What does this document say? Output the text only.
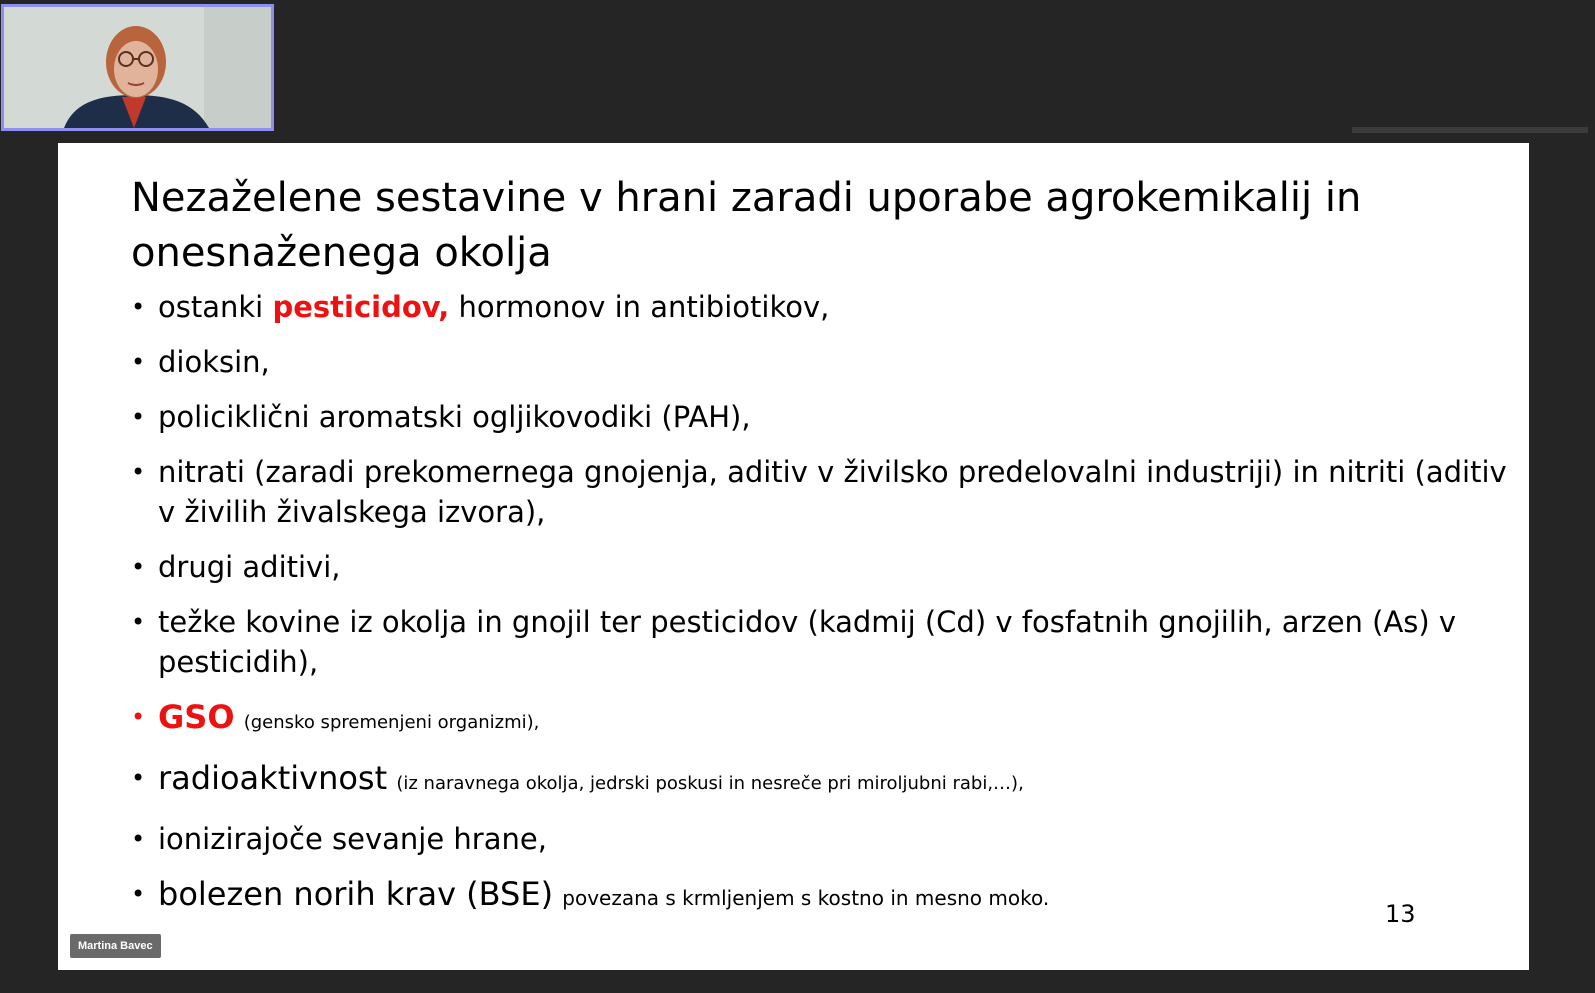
Nezaželene sestavine v hrani zaradi uporabe agrokemikalij in onesnaženega okolja
• ostanki pesticidov, hormonov in antibiotikov,
• dioksin,
• policiklični aromatski ogljikovodiki (PAH),
• nitrati (zaradi prekomernega gnojenja, aditiv v živilsko predelovalni industriji) in nitriti (aditiv v živilih živalskega izvora),
• drugi aditivi,
• težke kovine iz okolja in gnojil ter pesticidov (kadmij (Cd) v fosfatnih gnojilih, arzen (As) v pesticidih),
• GSO (gensko spremenjeni organizmi),
• radioaktivnost (iz naravnega okolja, jedrski poskusi in nesreče pri miroljubni rabi,…),
• ionizirajoče sevanje hrane,
• bolezen norih krav (BSE) povezana s krmljenjem s kostno in mesno moko.
13
Martina Bavec
